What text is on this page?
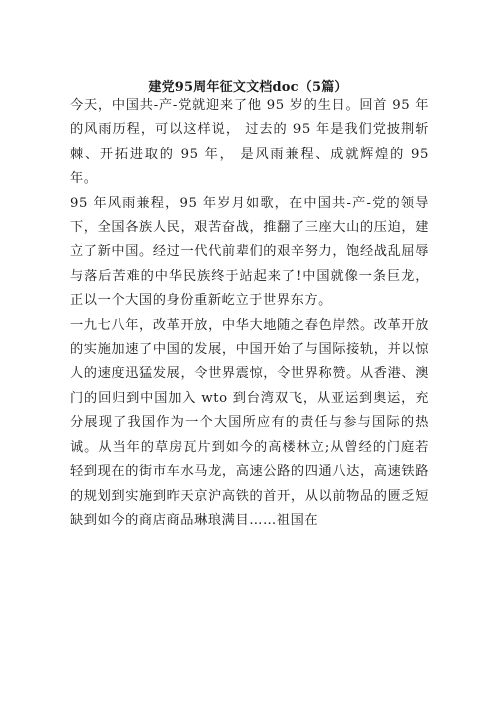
建党95周年征文文档doc（5篇）

今天，中国共-产-党就迎来了他 95 岁的生日。回首 95 年的风雨历程，可以这样说， 过去的 95 年是我们党披荆斩棘、开拓进取的 95 年， 是风雨兼程、成就辉煌的 95 年。

95 年风雨兼程，95 年岁月如歌，在中国共-产-党的领导下，全国各族人民，艰苦奋战，推翻了三座大山的压迫，建立了新中国。经过一代代前辈们的艰辛努力，饱经战乱屈辱与落后苦难的中华民族终于站起来了!中国就像一条巨龙，正以一个大国的身份重新屹立于世界东方。

一九七八年，改革开放，中华大地随之春色岸然。改革开放的实施加速了中国的发展，中国开始了与国际接轨，并以惊人的速度迅猛发展，令世界震惊，令世界称赞。从香港、澳门的回归到中国加入 wto 到台湾双飞，从亚运到奥运，充分展现了我国作为一个大国所应有的责任与参与国际的热诚。从当年的草房瓦片到如今的高楼林立;从曾经的门庭若轻到现在的街市车水马龙，高速公路的四通八达，高速铁路的规划到实施到昨天京沪高铁的首开，从以前物品的匮乏短缺到如今的商店商品琳琅满目……祖国在
